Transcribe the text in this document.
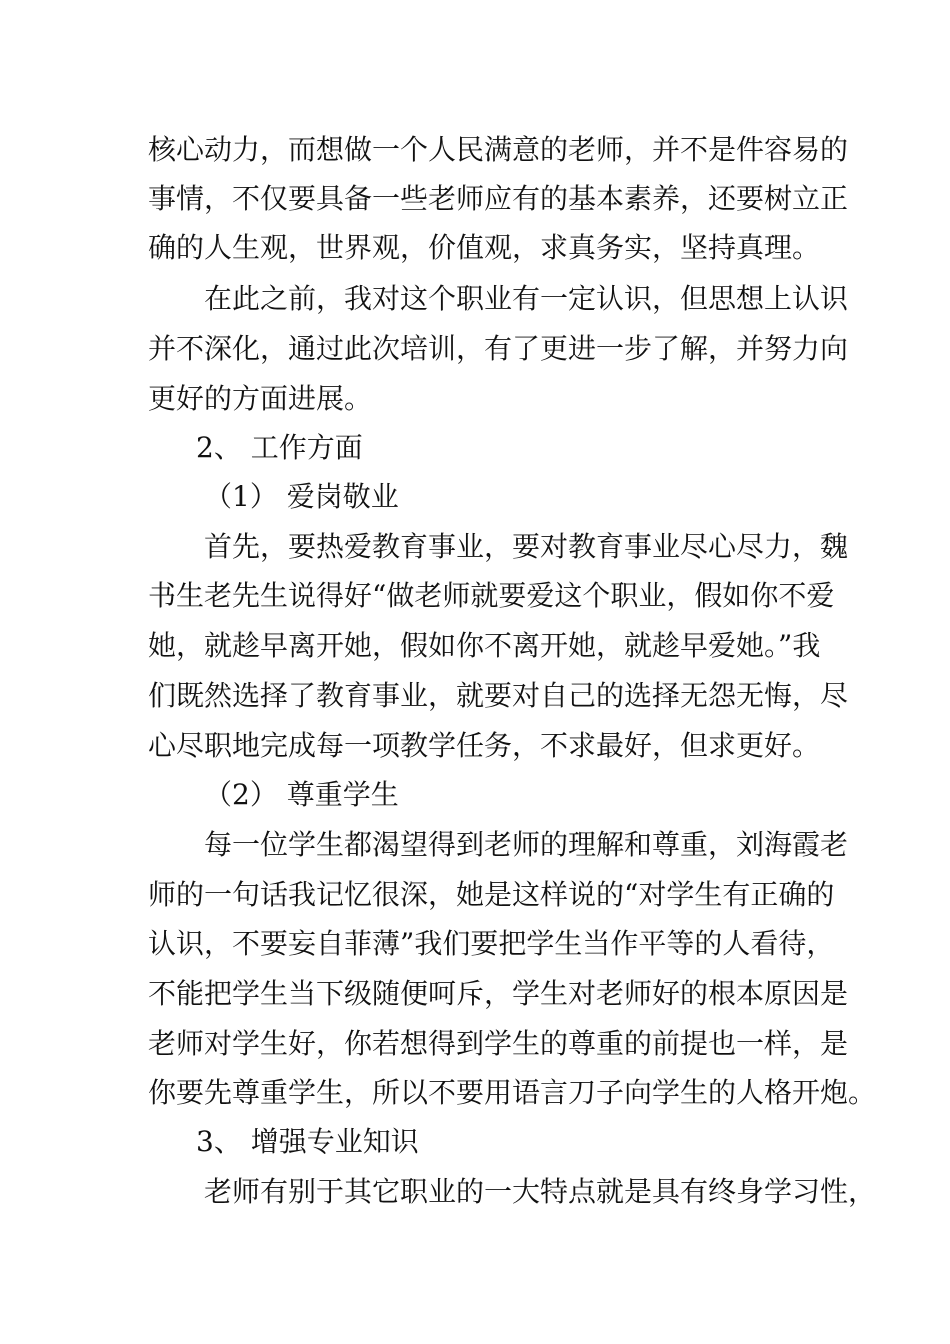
核心动力，而想做一个人民满意的老师，并不是件容易的
事情，不仅要具备一些老师应有的基本素养，还要树立正
确的人生观，世界观，价值观，求真务实，坚持真理。
在此之前，我对这个职业有一定认识，但思想上认识
并不深化，通过此次培训，有了更进一步了解，并努力向
更好的方面进展。
2、 工作方面
（1） 爱岗敬业
首先，要热爱教育事业，要对教育事业尽心尽力，魏
书生老先生说得好“做老师就要爱这个职业，假如你不爱
她，就趁早离开她，假如你不离开她，就趁早爱她。”我
们既然选择了教育事业，就要对自己的选择无怨无悔，尽
心尽职地完成每一项教学任务，不求最好，但求更好。
（2） 尊重学生
每一位学生都渴望得到老师的理解和尊重，刘海霞老
师的一句话我记忆很深，她是这样说的“对学生有正确的
认识，不要妄自菲薄”我们要把学生当作平等的人看待，
不能把学生当下级随便呵斥，学生对老师好的根本原因是
老师对学生好，你若想得到学生的尊重的前提也一样，是
你要先尊重学生，所以不要用语言刀子向学生的人格开炮。
3、 增强专业知识
老师有别于其它职业的一大特点就是具有终身学习性，
